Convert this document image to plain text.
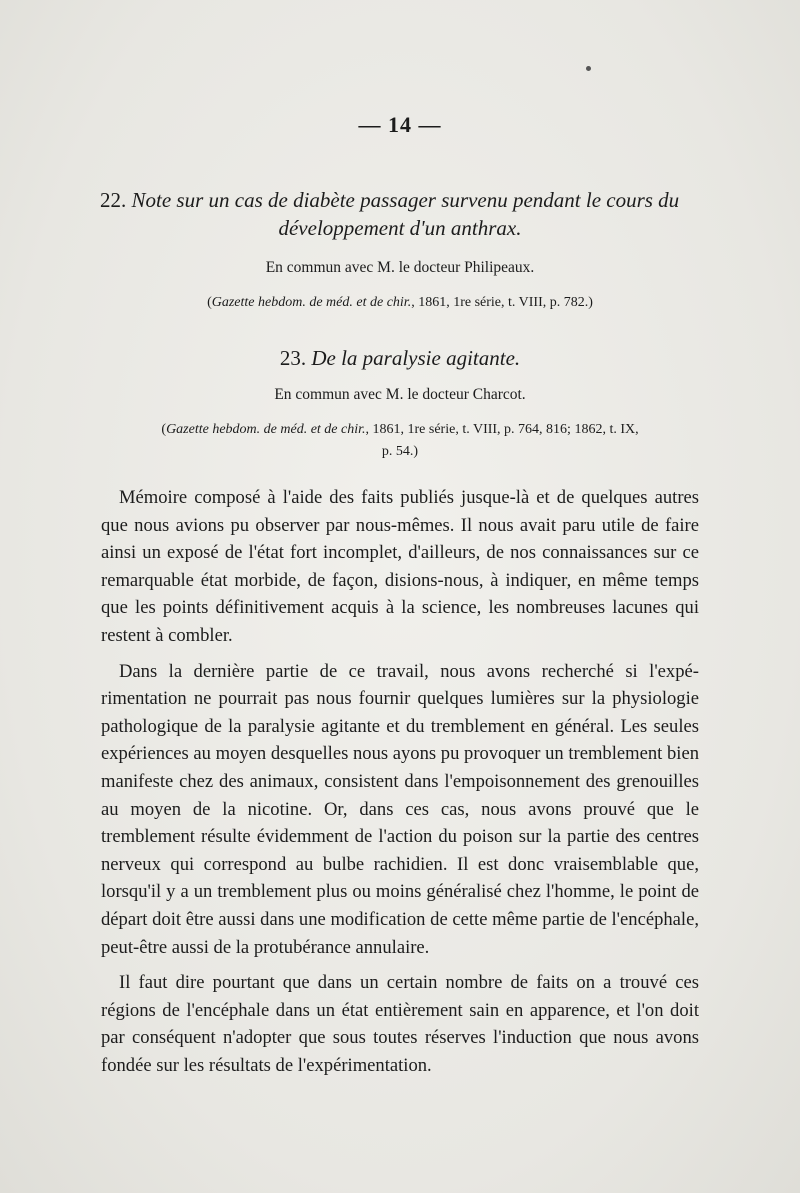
— 14 —
22. Note sur un cas de diabète passager survenu pendant le cours du
développement d'un anthrax.
En commun avec M. le docteur Philipeaux.
(Gazette hebdom. de méd. et de chir., 1861, 1re série, t. VIII, p. 782.)
23. De la paralysie agitante.
En commun avec M. le docteur Charcot.
(Gazette hebdom. de méd. et de chir., 1861, 1re série, t. VIII, p. 764, 816; 1862, t. IX,
p. 54.)

Mémoire composé à l'aide des faits publiés jusque-là et de quelques autres que nous avions pu observer par nous-mêmes. Il nous avait paru utile de faire ainsi un exposé de l'état fort incomplet, d'ailleurs, de nos connaissances sur ce remarquable état morbide, de façon, disions-nous, à indiquer, en même temps que les points définitivement acquis à la science, les nombreuses lacunes qui restent à combler.

Dans la dernière partie de ce travail, nous avons recherché si l'expérimentation ne pourrait pas nous fournir quelques lumières sur la physiologie pathologique de la paralysie agitante et du tremblement en général. Les seules expériences au moyen desquelles nous ayons pu provoquer un tremblement bien manifeste chez des animaux, consistent dans l'empoisonnement des grenouilles au moyen de la nicotine. Or, dans ces cas, nous avons prouvé que le tremblement résulte évidemment de l'action du poison sur la partie des centres nerveux qui correspond au bulbe rachidien. Il est donc vraisemblable que, lorsqu'il y a un tremblement plus ou moins généralisé chez l'homme, le point de départ doit être aussi dans une modification de cette même partie de l'encéphale, peut-être aussi de la protubérance annulaire.

Il faut dire pourtant que dans un certain nombre de faits on a trouvé ces régions de l'encéphale dans un état entièrement sain en apparence, et l'on doit par conséquent n'adopter que sous toutes réserves l'induction que nous avons fondée sur les résultats de l'expérimentation.
